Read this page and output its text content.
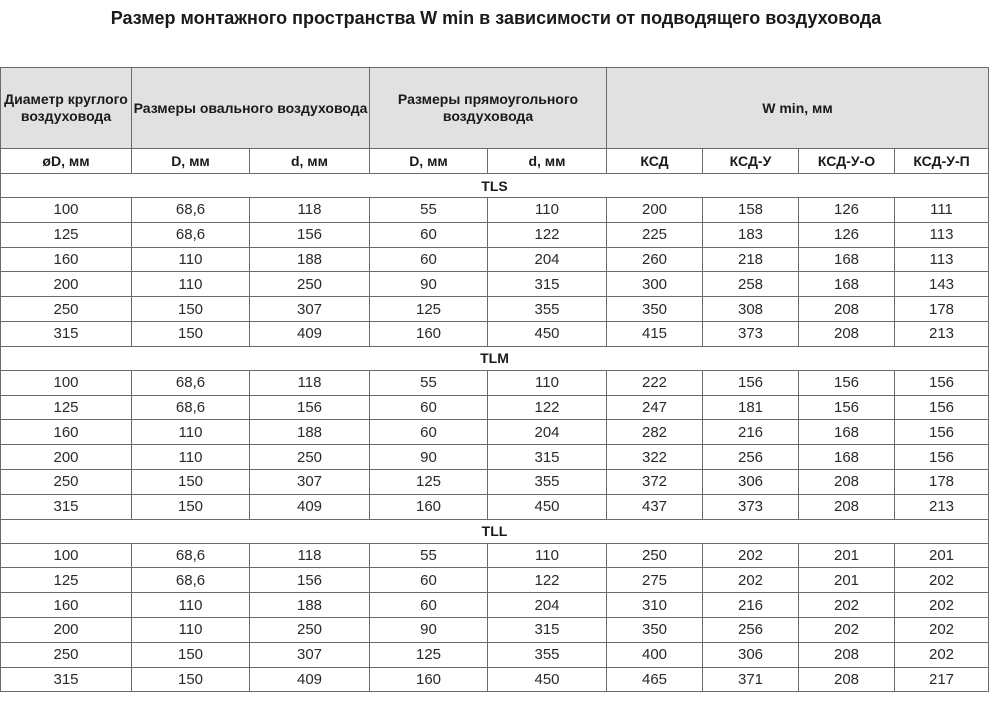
Размер монтажного пространства W min в зависимости от подводящего воздуховода
Диаметр круглого воздуховода	Размеры овального воздуховода		Размеры прямоугольного воздуховода		W min, мм			
øD, мм	D, мм	d, мм	D, мм	d, мм	КСД	КСД-У	КСД-У-О	КСД-У-П
TLS								
100	68,6	118	55	110	200	158	126	111
125	68,6	156	60	122	225	183	126	113
160	110	188	60	204	260	218	168	113
200	110	250	90	315	300	258	168	143
250	150	307	125	355	350	308	208	178
315	150	409	160	450	415	373	208	213
TLM								
100	68,6	118	55	110	222	156	156	156
125	68,6	156	60	122	247	181	156	156
160	110	188	60	204	282	216	168	156
200	110	250	90	315	322	256	168	156
250	150	307	125	355	372	306	208	178
315	150	409	160	450	437	373	208	213
TLL								
100	68,6	118	55	110	250	202	201	201
125	68,6	156	60	122	275	202	201	202
160	110	188	60	204	310	216	202	202
200	110	250	90	315	350	256	202	202
250	150	307	125	355	400	306	208	202
315	150	409	160	450	465	371	208	217
